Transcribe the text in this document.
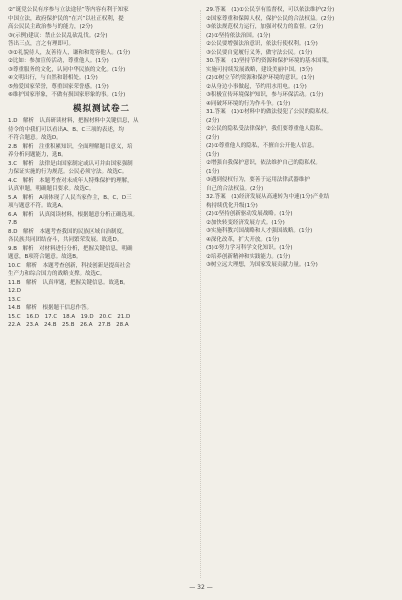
②“诞党公民有序参与立法途径”等内容有利于知家
中国立法，政府保护民的“在兴”以社正权利，提
高公民民主政治参与的能力，(2分)
③(示例)建议：禁止公民乱砍乱伐。(2分)
答出三点，言之有理即可。
③①礼貌待人，友善待人，谦和和宽容他人。(1分)
②比如：参加宣传活动，尊重他人。(1分)
③尊重服务的文化，认同中华民族的文化。(1分)
④文明出行，与自然和谐相处。(1分)
⑤热爱国家荣誉，尊重国家荣誉感。(1分)
⑥维护国家形象，不做有损国家形象的事。(1分)
模拟测试卷二
1.D　解析　认真研读材料，把握材料中关键信息，从
侍令的中我们可以看出A、B、C三项的表述，均
不符合题意。故选D。
2.B　解析　注重积累知识，全面理解题目意义，培
养分析问题能力，选B。
3.C　解析　法律是由国家制定或认可并由国家强制
力保证实施的行为规范。公民必须守法。故选C。
4.C　解析　本题考查对未成年人特殊保护的理解，
认真审题，明确题目要求。故选C。
5.A　解析　A项体现了人民当家作主，B、C、D三
项与题意不符。故选A。
6.A　解析　认真阅读材料，根据题意分析正确选项。
7.B
8.D　解析　本题考查我国的民族区域自治制度，
各民族共同团结奋斗，共同繁荣发展。故选D。
9.B　解析　对材料进行分析，把握关键信息，明确
题意，B项符合题意。故选B。
10.C　解析　本题考查创新，科技创新是提高社会
生产力和综合国力的战略支撑。故选C。
11.B　解析　认真审题，把握关键信息。故选B。
12.D
13.C
14.B　解析　根据题干信息作答。
15.C　16.D　17.C　18.A　19.D　20.C　21.D
22.A　23.A　24.B　25.B　26.A　27.B　28.A
29.答案　(1)①公民享有监督权，可以依法维护(2分)
②国家尊重和保障人权，保护公民的合法权益。(2分)
③依法规范权力运行，加强对权力的监督。(2分)
(2)①坚持依法治国。(1分)
②公民要增强法治意识，依法行使权利。(1分)
③公民要自觉履行义务，做守法公民。(1分)
30.答案　(1)坚持节约资源和保护环境的基本国策，
实施可持续发展战略，建设美丽中国。(3分)
(2)①树立节约资源和保护环境的意识。(1分)
②从身边小事做起，节约用水用电。(1分)
③积极宣传环境保护知识，参与环保活动。(1分)
④同破坏环境的行为作斗争。(1分)
31.答案　(1)①材料中的做法侵犯了公民的隐私权。
(2分)
②公民的隐私受法律保护，我们要尊重他人隐私。
(2分)
(2)①尊重他人的隐私，不擅自公开他人信息。
(1分)
②增强自我保护意识，依法维护自己的隐私权。
(1分)
③遇到侵权行为，要善于运用法律武器维护
自己的合法权益。(2分)
32.答案　(1)经济发展从高速转为中速(1分)产业结
构持续优化升级(1分)
(2)①坚持创新驱动发展战略。(1分)
②加快转变经济发展方式。(1分)
③实施科教兴国战略和人才强国战略。(1分)
④深化改革，扩大开放。(1分)
(3)①努力学习科学文化知识。(1分)
②培养创新精神和实践能力。(1分)
③树立远大理想，为国家发展贡献力量。(1分)
— 32 —
